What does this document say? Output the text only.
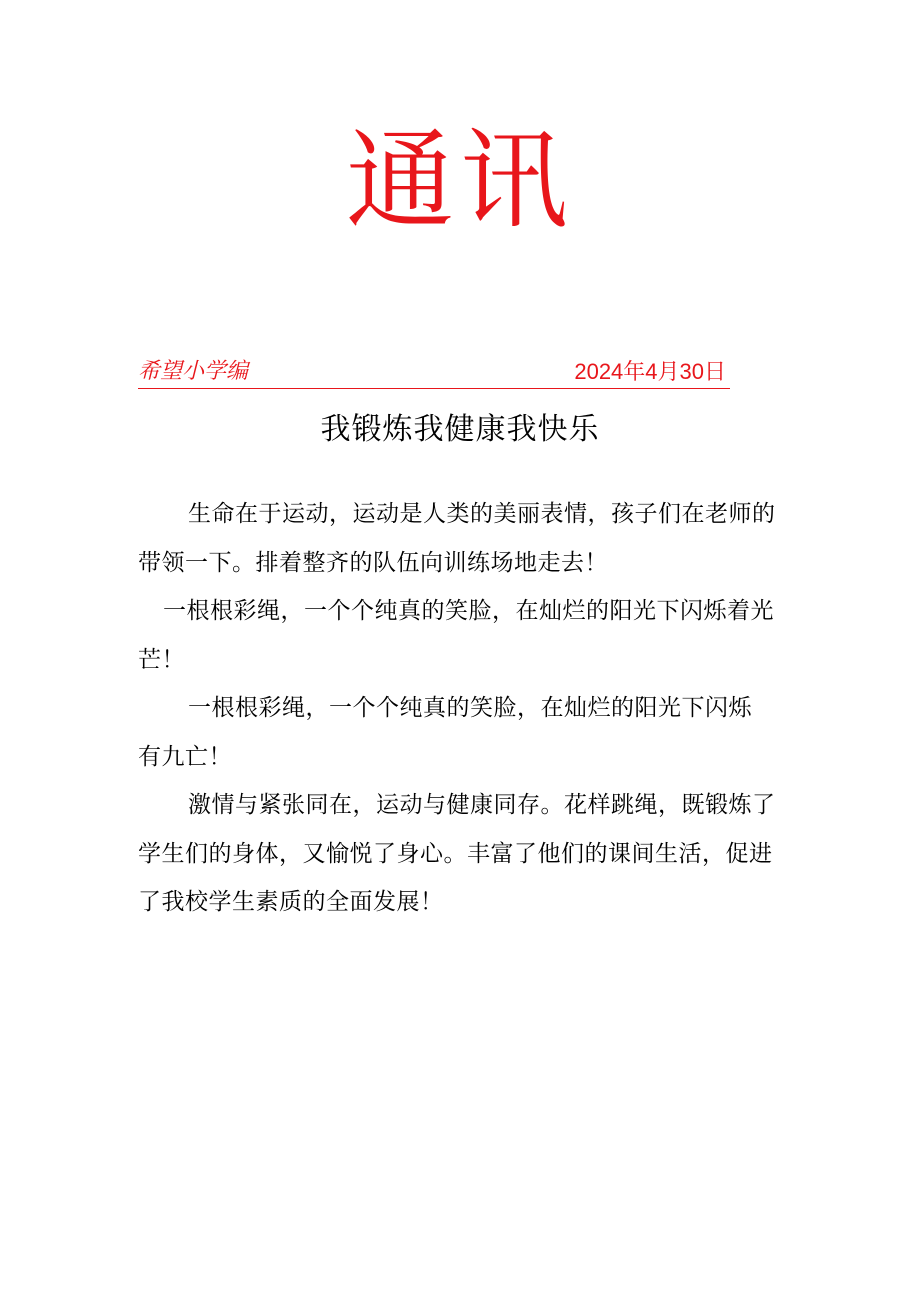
通讯
希望小学编	2024年4月30日
我锻炼我健康我快乐
生命在于运动，运动是人类的美丽表情，孩子们在老师的
带领一下。排着整齐的队伍向训练场地走去！
一根根彩绳，一个个纯真的笑脸，在灿烂的阳光下闪烁着光
芒！
一根根彩绳，一个个纯真的笑脸，在灿烂的阳光下闪烁
有九亡！
激情与紧张同在，运动与健康同存。花样跳绳，既锻炼了
学生们的身体，又愉悦了身心。丰富了他们的课间生活，促进
了我校学生素质的全面发展！
